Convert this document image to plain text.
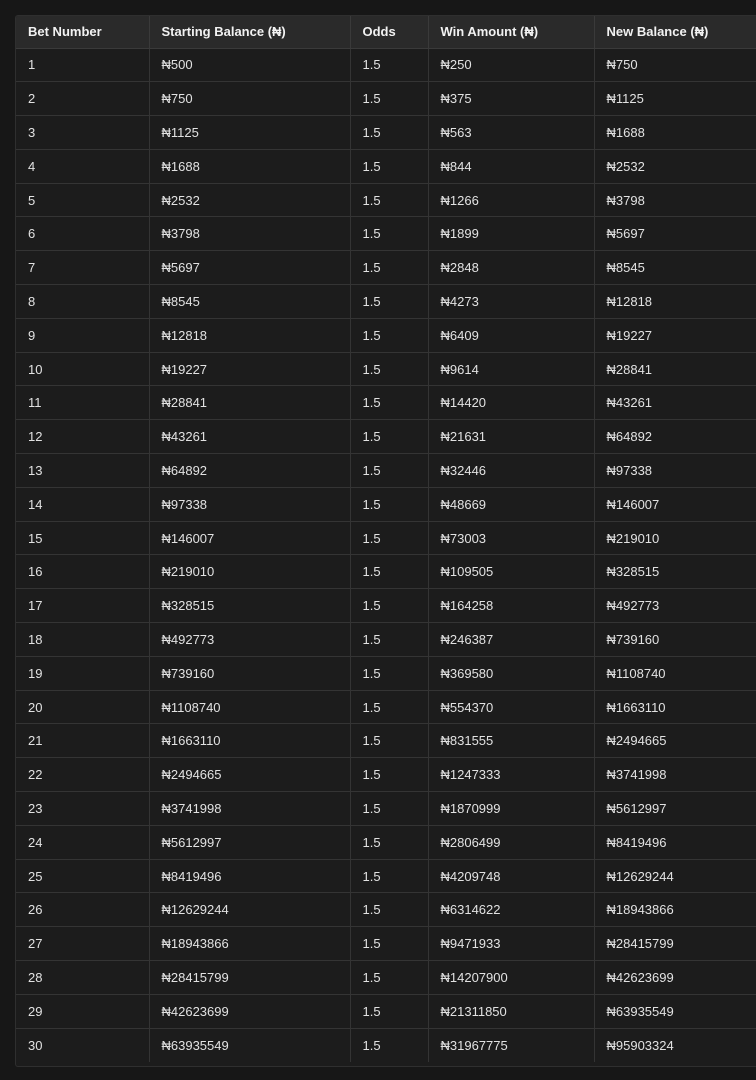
Bet Number	Starting Balance (₦)	Odds	Win Amount (₦)	New Balance (₦)
1	₦500	1.5	₦250	₦750
2	₦750	1.5	₦375	₦1125
3	₦1125	1.5	₦563	₦1688
4	₦1688	1.5	₦844	₦2532
5	₦2532	1.5	₦1266	₦3798
6	₦3798	1.5	₦1899	₦5697
7	₦5697	1.5	₦2848	₦8545
8	₦8545	1.5	₦4273	₦12818
9	₦12818	1.5	₦6409	₦19227
10	₦19227	1.5	₦9614	₦28841
11	₦28841	1.5	₦14420	₦43261
12	₦43261	1.5	₦21631	₦64892
13	₦64892	1.5	₦32446	₦97338
14	₦97338	1.5	₦48669	₦146007
15	₦146007	1.5	₦73003	₦219010
16	₦219010	1.5	₦109505	₦328515
17	₦328515	1.5	₦164258	₦492773
18	₦492773	1.5	₦246387	₦739160
19	₦739160	1.5	₦369580	₦1108740
20	₦1108740	1.5	₦554370	₦1663110
21	₦1663110	1.5	₦831555	₦2494665
22	₦2494665	1.5	₦1247333	₦3741998
23	₦3741998	1.5	₦1870999	₦5612997
24	₦5612997	1.5	₦2806499	₦8419496
25	₦8419496	1.5	₦4209748	₦12629244
26	₦12629244	1.5	₦6314622	₦18943866
27	₦18943866	1.5	₦9471933	₦28415799
28	₦28415799	1.5	₦14207900	₦42623699
29	₦42623699	1.5	₦21311850	₦63935549
30	₦63935549	1.5	₦31967775	₦95903324
